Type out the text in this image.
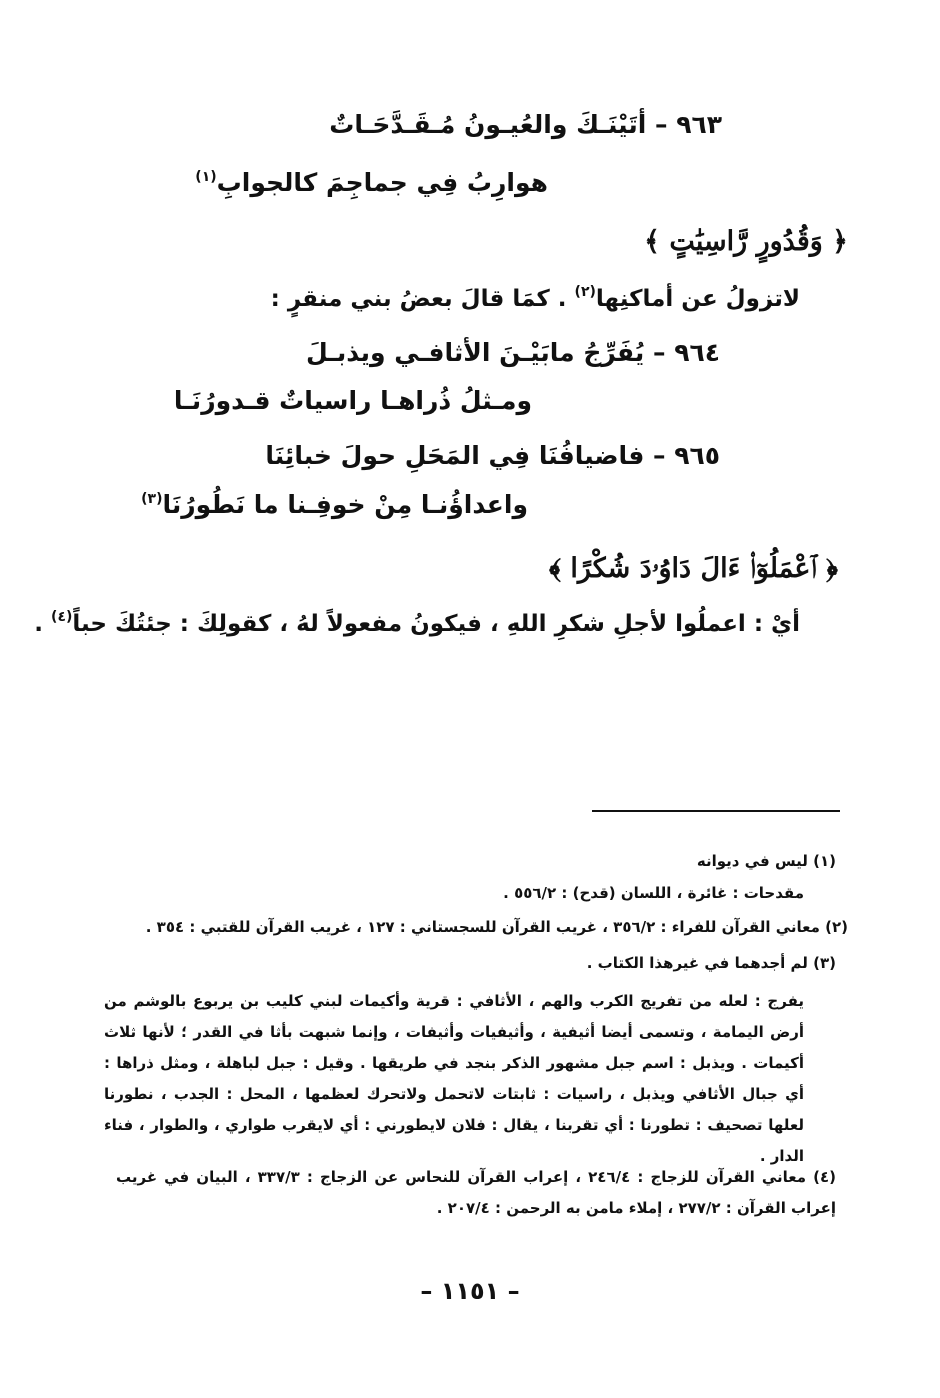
٩٦٣ – أتَيْنَـكَ والعُيـونُ مُـقَـدَّحَـاتٌ
هوارِبُ فِي جماجِمَ كالجوابِ$^{(١)}$
﴿ وَقُدُورٍ رَّاسِيَٰتٍ ﴾
لاتزولُ عن أماكنِها$^{(٢)}$ . كمَا قالَ بعضُ بني منقرٍ :
٩٦٤ – يُفَرِّجُ مابَيْـنَ الأثافـي ويذبـلَ
ومـثلُ ذُراهـا راسياتٌ قـدورُنَـا
٩٦٥ – فاضيافُنَا فِي المَحَلِ حولَ خبائِنَا
واعداؤُنـا مِنْ خوفِـنا ما نَطُورُنَا$^{(٣)}$
﴿ ٱعْمَلُوٓا۟ ءَالَ دَاوُۥدَ شُكْرًا ﴾
أيْ : اعملُوا لأجلِ شكرِ اللهِ ، فيكونُ مفعولاً لهُ ، كقولِكَ : جئتُكَ حباً$^{(٤)}$ .
(١) ليس في ديوانه
مقدحات : غائرة ، اللسان (قدح) : ٥٥٦/٢ .
(٢) معاني القرآن للفراء : ٣٥٦/٢ ، غريب القرآن للسجستاني : ١٢٧ ، غريب القرآن للقتبي : ٣٥٤ .
(٣) لم أجدهما في غيرهذا الكتاب .
يفرج : لعله من تفريج الكرب والهم ، الأثافي : قرية وأكيمات لبني كليب بن يربوع بالوشم من أرض اليمامة ، وتسمى أيضا أثيفية ، وأثيفيات وأثيفات ، وإنما شبهت بأثا في القدر ؛ لأنها ثلاث أكيمات . ويذبل : اسم جبل مشهور الذكر بنجد في طريقها . وقيل : جبل لباهلة ، ومثل ذراها : أي جبال الأثافي ويذبل ، راسيات : ثابتات لاتحمل ولاتحرك لعظمها ، المحل : الجدب ، نطورنا لعلها تصحيف : تطورنا : أي تقربنا ، يقال : فلان لايطورني : أي لايقرب طواري ، والطوار ، فناء الدار .
(٤) معاني القرآن للزجاج : ٢٤٦/٤ ، إعراب القرآن للنحاس عن الزجاج : ٣٣٧/٣ ، البيان في غريب إعراب القرآن : ٢٧٧/٢ ، إملاء مامن به الرحمن : ٢٠٧/٤ .
– ١١٥١ –
